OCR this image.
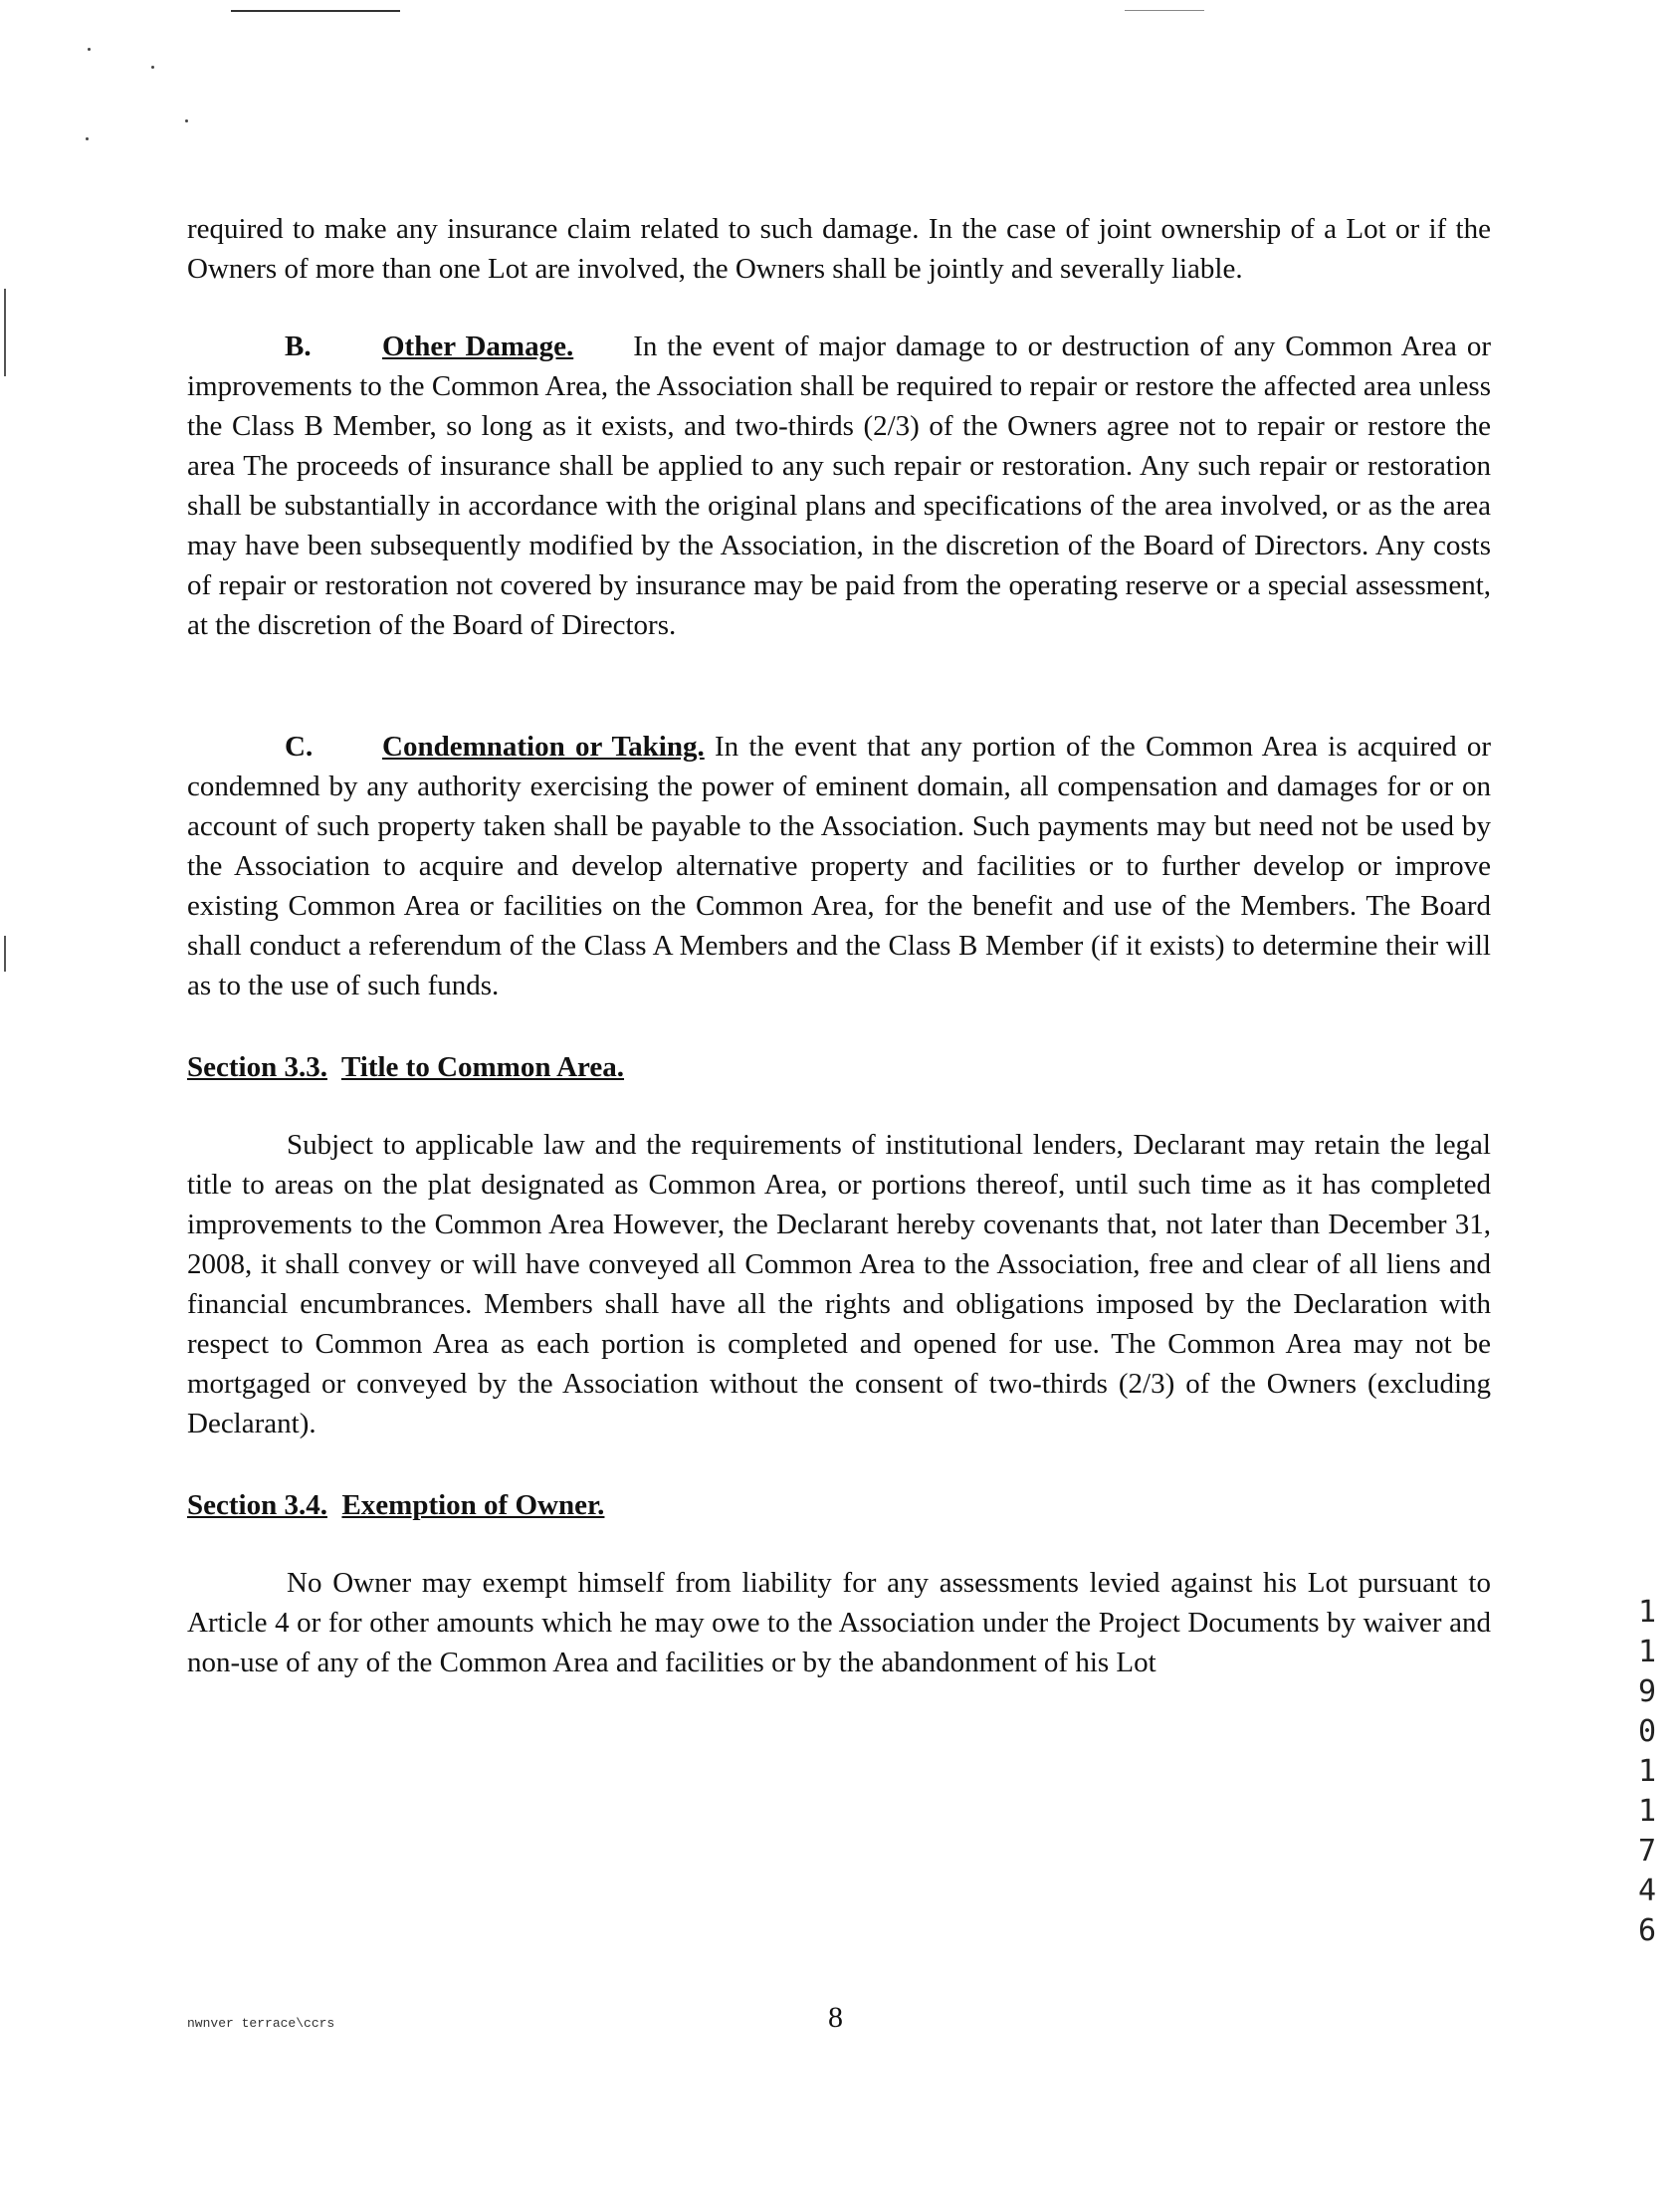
required to make any insurance claim related to such damage. In the case of joint ownership of a Lot or if the Owners of more than one Lot are involved, the Owners shall be jointly and severally liable.

B. Other Damage. In the event of major damage to or destruction of any Common Area or improvements to the Common Area, the Association shall be required to repair or restore the affected area unless the Class B Member, so long as it exists, and two-thirds (2/3) of the Owners agree not to repair or restore the area The proceeds of insurance shall be applied to any such repair or restoration. Any such repair or restoration shall be substantially in accordance with the original plans and specifications of the area involved, or as the area may have been subsequently modified by the Association, in the discretion of the Board of Directors. Any costs of repair or restoration not covered by insurance may be paid from the operating reserve or a special assessment, at the discretion of the Board of Directors.

C. Condemnation or Taking. In the event that any portion of the Common Area is acquired or condemned by any authority exercising the power of eminent domain, all compensation and damages for or on account of such property taken shall be payable to the Association. Such payments may but need not be used by the Association to acquire and develop alternative property and facilities or to further develop or improve existing Common Area or facilities on the Common Area, for the benefit and use of the Members. The Board shall conduct a referendum of the Class A Members and the Class B Member (if it exists) to determine their will as to the use of such funds.

Section 3.3. Title to Common Area.

Subject to applicable law and the requirements of institutional lenders, Declarant may retain the legal title to areas on the plat designated as Common Area, or portions thereof, until such time as it has completed improvements to the Common Area However, the Declarant hereby covenants that, not later than December 31, 2008, it shall convey or will have conveyed all Common Area to the Association, free and clear of all liens and financial encumbrances. Members shall have all the rights and obligations imposed by the Declaration with respect to Common Area as each portion is completed and opened for use. The Common Area may not be mortgaged or conveyed by the Association without the consent of two-thirds (2/3) of the Owners (excluding Declarant).

Section 3.4. Exemption of Owner.

No Owner may exempt himself from liability for any assessments levied against his Lot pursuant to Article 4 or for other amounts which he may owe to the Association under the Project Documents by waiver and non-use of any of the Common Area and facilities or by the abandonment of his Lot

nwnver terrace\ccrs	8
1
1
9
0
1
1
7
4
6
